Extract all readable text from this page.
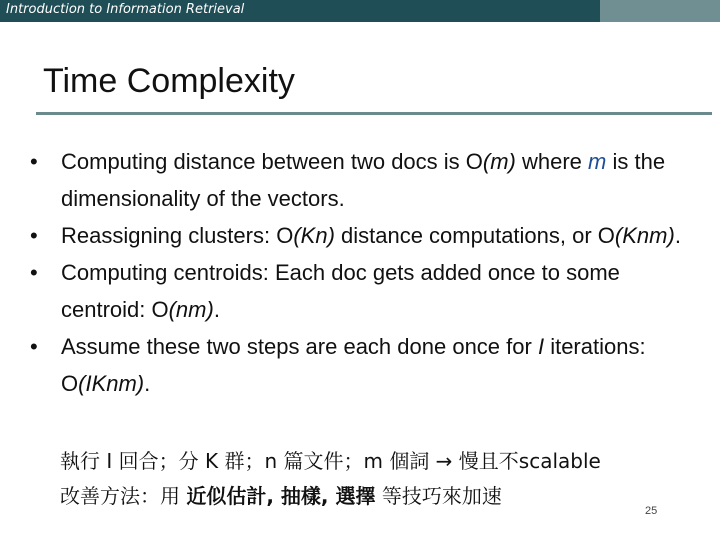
Introduction to Information Retrieval
Time Complexity
• Computing distance between two docs is O(m) where m is the dimensionality of the vectors.
• Reassigning clusters: O(Kn) distance computations, or O(Knm).
• Computing centroids: Each doc gets added once to some centroid: O(nm).
• Assume these two steps are each done once for I iterations: O(IKnm).
執行 I 回合；分 K 群；n 篇文件；m 個詞 → 慢且不scalable
改善方法：用 近似估計, 抽樣, 選擇 等技巧來加速
25
